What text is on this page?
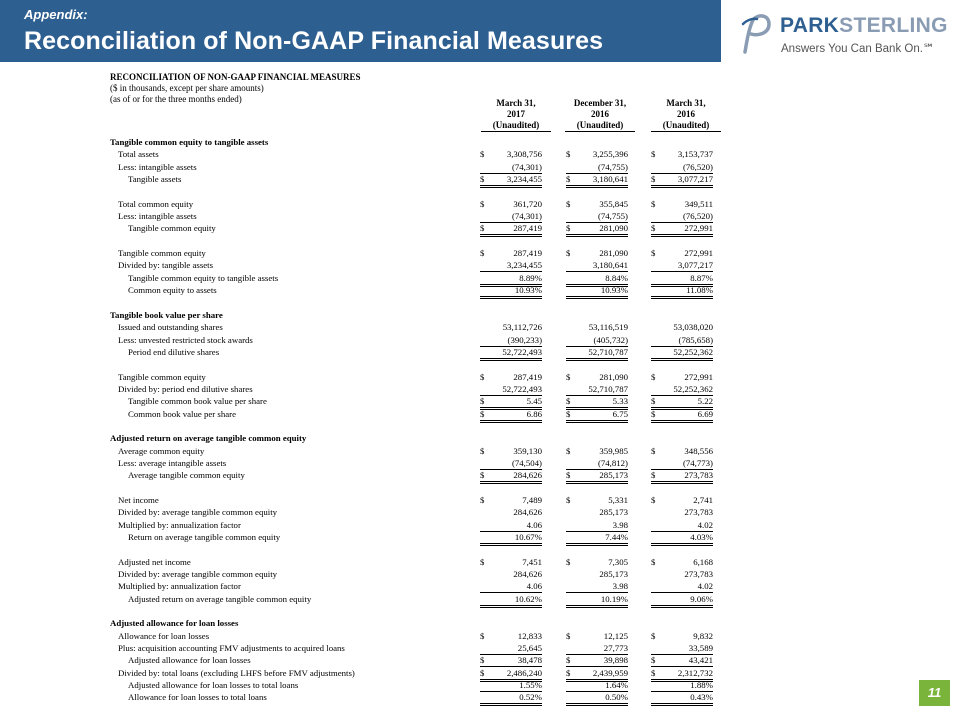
Appendix:
Reconciliation of Non-GAAP Financial Measures
PARKSTERLING
Answers You Can Bank On.℠
RECONCILIATION OF NON-GAAP FINANCIAL MEASURES
($ in thousands, except per share amounts)
(as of or for the three months ended)	March 31,
2017
(Unaudited)
December 31,
2016
(Unaudited)
March 31,
2016
(Unaudited)
Tangible common equity to tangible assets
Total assets	$	3,308,756	$	3,255,396	$	3,153,737
Less: intangible assets	(74,301)	(74,755)	(76,520)
Tangible assets	$	3,234,455	$	3,180,641	$	3,077,217
Total common equity	$	361,720	$	355,845	$	349,511
Less: intangible assets	(74,301)	(74,755)	(76,520)
Tangible common equity	$	287,419	$	281,090	$	272,991
Tangible common equity	$	287,419	$	281,090	$	272,991
Divided by: tangible assets	3,234,455	3,180,641	3,077,217
Tangible common equity to tangible assets	8.89%	8.84%	8.87%
Common equity to assets	10.93%	10.93%	11.08%
Tangible book value per share
Issued and outstanding shares	53,112,726	53,116,519	53,038,020
Less: unvested restricted stock awards	(390,233)	(405,732)	(785,658)
Period end dilutive shares	52,722,493	52,710,787	52,252,362
Tangible common equity	$	287,419	$	281,090	$	272,991
Divided by: period end dilutive shares	52,722,493	52,710,787	52,252,362
Tangible common book value per share	$	5.45	$	5.33	$	5.22
Common book value per share	$	6.86	$	6.75	$	6.69
Adjusted return on average tangible common equity
Average common equity	$	359,130	$	359,985	$	348,556
Less: average intangible assets	(74,504)	(74,812)	(74,773)
Average tangible common equity	$	284,626	$	285,173	$	273,783
Net income	$	7,489	$	5,331	$	2,741
Divided by: average tangible common equity	284,626	285,173	273,783
Multiplied by: annualization factor	4.06	3.98	4.02
Return on average tangible common equity	10.67%	7.44%	4.03%
Adjusted net income	$	7,451	$	7,305	$	6,168
Divided by: average tangible common equity	284,626	285,173	273,783
Multiplied by: annualization factor	4.06	3.98	4.02
Adjusted return on average tangible common equity	10.62%	10.19%	9.06%
Adjusted allowance for loan losses
Allowance for loan losses	$	12,833	$	12,125	$	9,832
Plus: acquisition accounting FMV adjustments to acquired loans	25,645	27,773	33,589
Adjusted allowance for loan losses	$	38,478	$	39,898	$	43,421
Divided by: total loans (excluding LHFS before FMV adjustments)	$	2,486,240	$	2,439,959	$	2,312,732
Adjusted allowance for loan losses to total loans	1.55%	1.64%	1.88%
Allowance for loan losses to total loans	0.52%	0.50%	0.43%	11
